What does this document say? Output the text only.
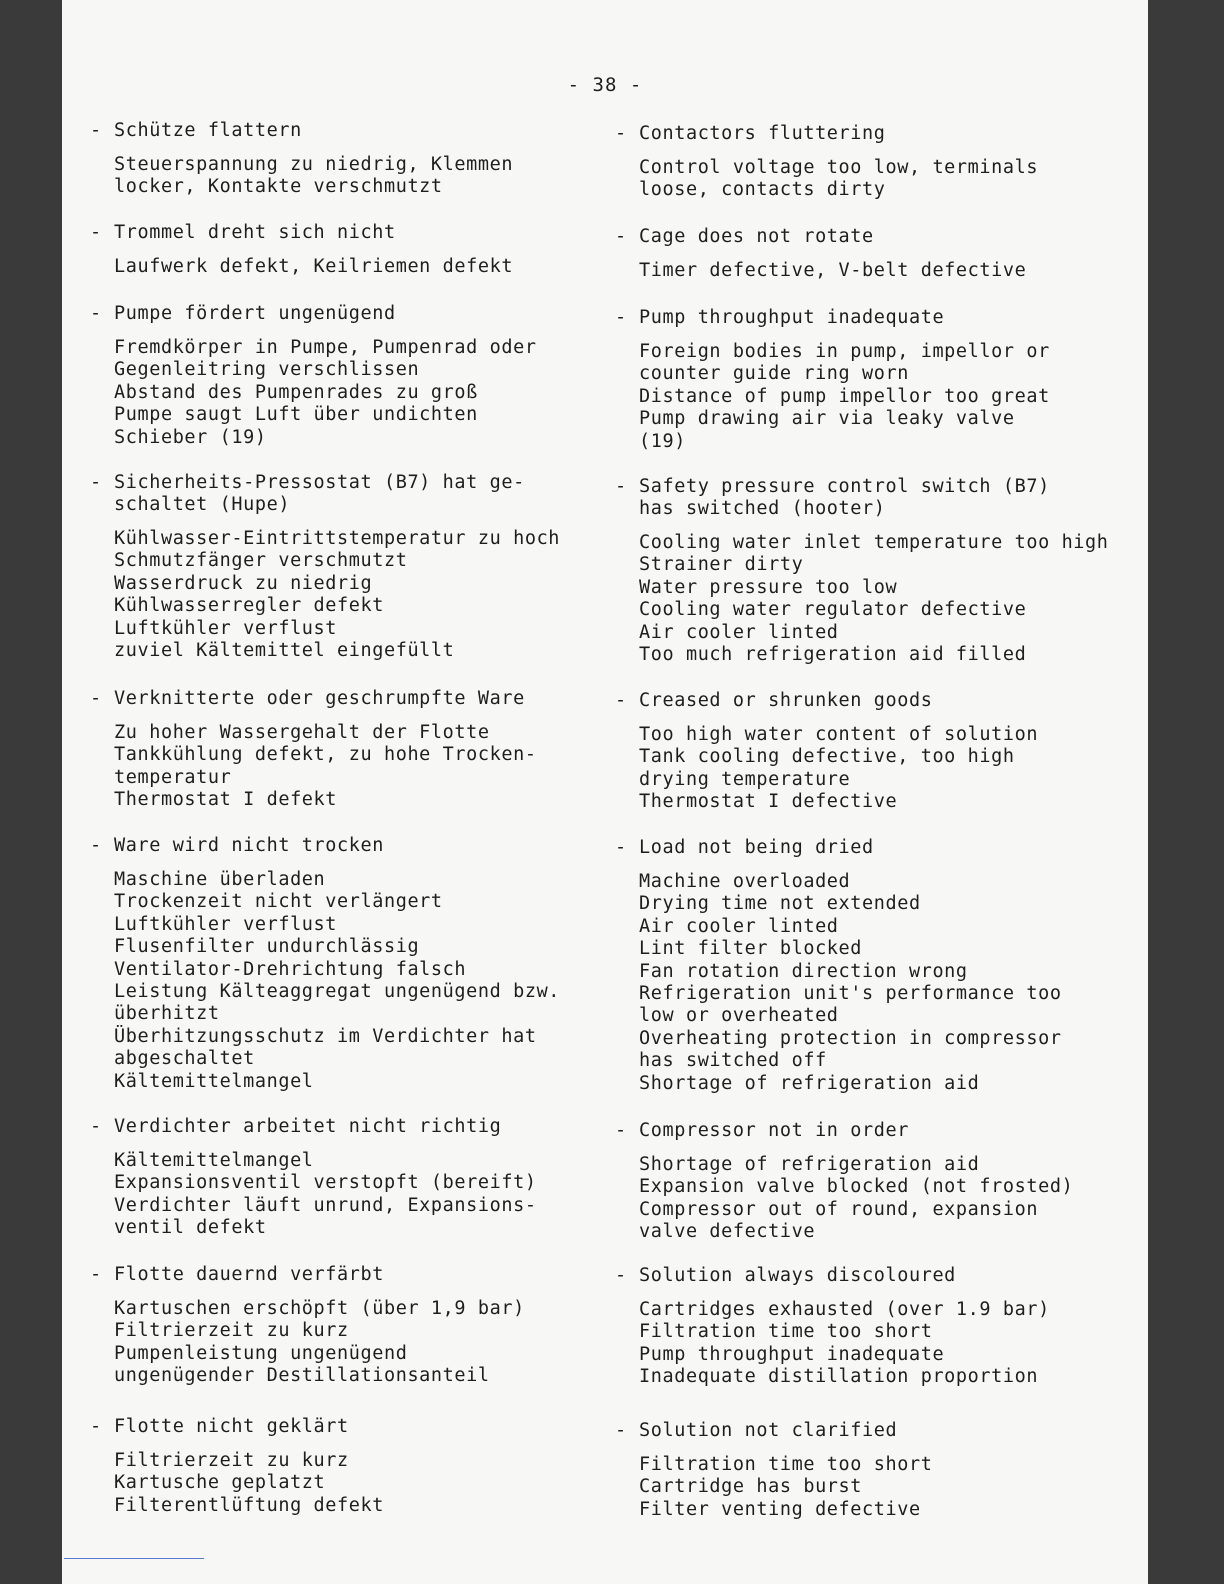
- 38 -
- Schütze flattern
Steuerspannung zu niedrig, Klemmen
locker, Kontakte verschmutzt
- Trommel dreht sich nicht
Laufwerk defekt, Keilriemen defekt
- Pumpe fördert ungenügend
Fremdkörper in Pumpe, Pumpenrad oder
Gegenleitring verschlissen
Abstand des Pumpenrades zu groß
Pumpe saugt Luft über undichten
Schieber (19)
- Sicherheits-Pressostat (B7) hat ge-
schaltet (Hupe)
Kühlwasser-Eintrittstemperatur zu hoch
Schmutzfänger verschmutzt
Wasserdruck zu niedrig
Kühlwasserregler defekt
Luftkühler verflust
zuviel Kältemittel eingefüllt
- Verknitterte oder geschrumpfte Ware
Zu hoher Wassergehalt der Flotte
Tankkühlung defekt, zu hohe Trocken-
temperatur
Thermostat I defekt
- Ware wird nicht trocken
Maschine überladen
Trockenzeit nicht verlängert
Luftkühler verflust
Flusenfilter undurchlässig
Ventilator-Drehrichtung falsch
Leistung Kälteaggregat ungenügend bzw.
überhitzt
Überhitzungsschutz im Verdichter hat
abgeschaltet
Kältemittelmangel
- Verdichter arbeitet nicht richtig
Kältemittelmangel
Expansionsventil verstopft (bereift)
Verdichter läuft unrund, Expansions-
ventil defekt
- Flotte dauernd verfärbt
Kartuschen erschöpft (über 1,9 bar)
Filtrierzeit zu kurz
Pumpenleistung ungenügend
ungenügender Destillationsanteil
- Flotte nicht geklärt
Filtrierzeit zu kurz
Kartusche geplatzt
Filterentlüftung defekt
- Contactors fluttering
Control voltage too low, terminals
loose, contacts dirty
- Cage does not rotate
Timer defective, V-belt defective
- Pump throughput inadequate
Foreign bodies in pump, impellor or
counter guide ring worn
Distance of pump impellor too great
Pump drawing air via leaky valve
(19)
- Safety pressure control switch (B7)
has switched (hooter)
Cooling water inlet temperature too high
Strainer dirty
Water pressure too low
Cooling water regulator defective
Air cooler linted
Too much refrigeration aid filled
- Creased or shrunken goods
Too high water content of solution
Tank cooling defective, too high
drying temperature
Thermostat I defective
- Load not being dried
Machine overloaded
Drying time not extended
Air cooler linted
Lint filter blocked
Fan rotation direction wrong
Refrigeration unit's performance too
low or overheated
Overheating protection in compressor
has switched off
Shortage of refrigeration aid
- Compressor not in order
Shortage of refrigeration aid
Expansion valve blocked (not frosted)
Compressor out of round, expansion
valve defective
- Solution always discoloured
Cartridges exhausted (over 1.9 bar)
Filtration time too short
Pump throughput inadequate
Inadequate distillation proportion
- Solution not clarified
Filtration time too short
Cartridge has burst
Filter venting defective
